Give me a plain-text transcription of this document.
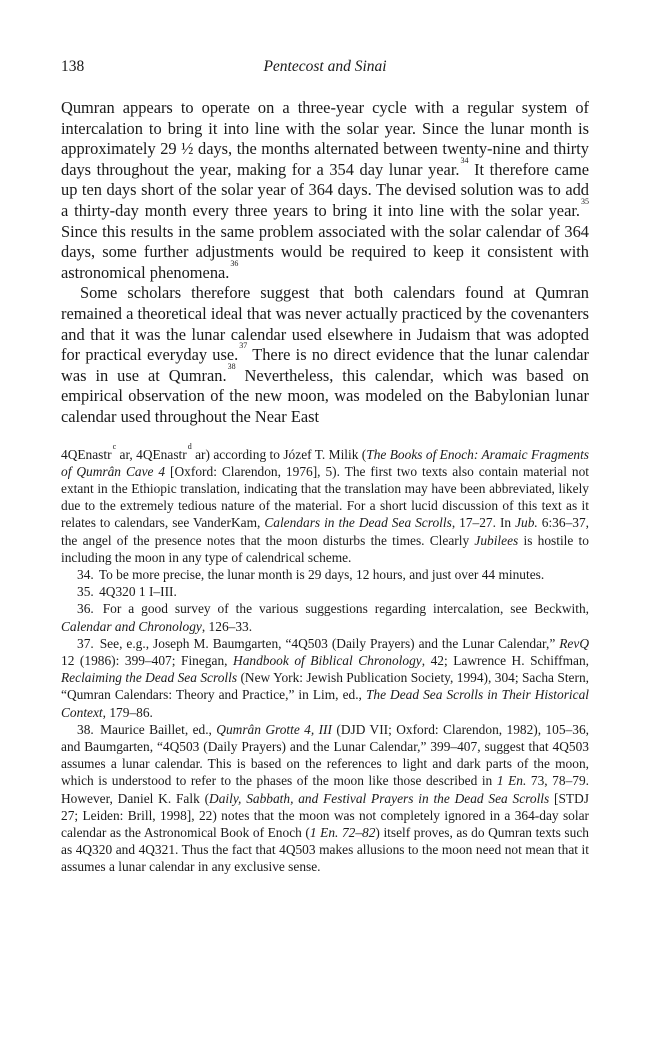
138	Pentecost and Sinai

Qumran appears to operate on a three-year cycle with a regular system of intercalation to bring it into line with the solar year. Since the lunar month is approximately 29 ½ days, the months alternated between twenty-nine and thirty days throughout the year, making for a 354 day lunar year.$^{34}$ It therefore came up ten days short of the solar year of 364 days. The devised solution was to add a thirty-day month every three years to bring it into line with the solar year.$^{35}$ Since this results in the same problem associated with the solar calendar of 364 days, some further adjustments would be required to keep it consistent with astronomical phenomena.$^{36}$

Some scholars therefore suggest that both calendars found at Qumran remained a theoretical ideal that was never actually practiced by the covenanters and that it was the lunar calendar used elsewhere in Judaism that was adopted for practical everyday use.$^{37}$ There is no direct evidence that the lunar calendar was in use at Qumran.$^{38}$ Nevertheless, this calendar, which was based on empirical observation of the new moon, was modeled on the Babylonian lunar calendar used throughout the Near East

4QEnastr$^c$ ar, 4QEnastr$^d$ ar) according to Józef T. Milik (The Books of Enoch: Aramaic Fragments of Qumrân Cave 4 [Oxford: Clarendon, 1976], 5). The first two texts also contain material not extant in the Ethiopic translation, indicating that the translation may have been abbreviated, likely due to the extremely tedious nature of the material. For a short lucid discussion of this text as it relates to calendars, see VanderKam, Calendars in the Dead Sea Scrolls, 17–27. In Jub. 6:36–37, the angel of the presence notes that the moon disturbs the times. Clearly Jubilees is hostile to including the moon in any type of calendrical scheme.

34. To be more precise, the lunar month is 29 days, 12 hours, and just over 44 minutes.

35. 4Q320 1 I–III.

36. For a good survey of the various suggestions regarding intercalation, see Beckwith, Calendar and Chronology, 126–33.

37. See, e.g., Joseph M. Baumgarten, “4Q503 (Daily Prayers) and the Lunar Calendar,” RevQ 12 (1986): 399–407; Finegan, Handbook of Biblical Chronology, 42; Lawrence H. Schiffman, Reclaiming the Dead Sea Scrolls (New York: Jewish Publication Society, 1994), 304; Sacha Stern, “Qumran Calendars: Theory and Practice,” in Lim, ed., The Dead Sea Scrolls in Their Historical Context, 179–86.

38. Maurice Baillet, ed., Qumrân Grotte 4, III (DJD VII; Oxford: Clarendon, 1982), 105–36, and Baumgarten, “4Q503 (Daily Prayers) and the Lunar Calendar,” 399–407, suggest that 4Q503 assumes a lunar calendar. This is based on the references to light and dark parts of the moon, which is understood to refer to the phases of the moon like those described in 1 En. 73, 78–79. However, Daniel K. Falk (Daily, Sabbath, and Festival Prayers in the Dead Sea Scrolls [STDJ 27; Leiden: Brill, 1998], 22) notes that the moon was not completely ignored in a 364-day solar calendar as the Astronomical Book of Enoch (1 En. 72–82) itself proves, as do Qumran texts such as 4Q320 and 4Q321. Thus the fact that 4Q503 makes allusions to the moon need not mean that it assumes a lunar calendar in any exclusive sense.
